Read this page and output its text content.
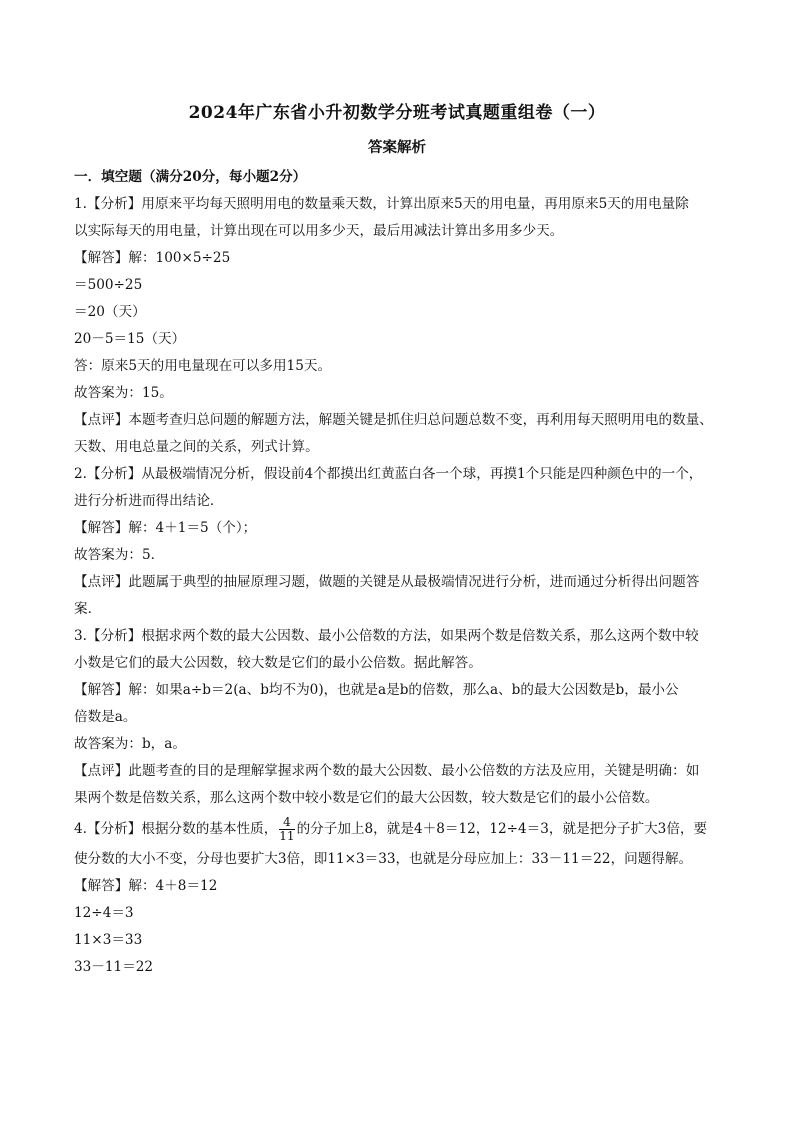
2024年广东省小升初数学分班考试真题重组卷（一）
答案解析
一．填空题（满分20分，每小题2分）
1.【分析】用原来平均每天照明用电的数量乘天数，计算出原来5天的用电量，再用原来5天的用电量除
以实际每天的用电量，计算出现在可以用多少天，最后用减法计算出多用多少天。
【解答】解：100×5÷25
＝500÷25
＝20（天）
20－5＝15（天）
答：原来5天的用电量现在可以多用15天。
故答案为：15。
【点评】本题考查归总问题的解题方法，解题关键是抓住归总问题总数不变，再利用每天照明用电的数量、
天数、用电总量之间的关系，列式计算。
2.【分析】从最极端情况分析，假设前4个都摸出红黄蓝白各一个球，再摸1个只能是四种颜色中的一个，
进行分析进而得出结论．
【解答】解：4＋1＝5（个）；
故答案为：5．
【点评】此题属于典型的抽屉原理习题，做题的关键是从最极端情况进行分析，进而通过分析得出问题答
案．
3.【分析】根据求两个数的最大公因数、最小公倍数的方法，如果两个数是倍数关系，那么这两个数中较
小数是它们的最大公因数，较大数是它们的最小公倍数。据此解答。
【解答】解：如果a÷b＝2(a、b均不为0)，也就是a是b的倍数，那么a、b的最大公因数是b，最小公
倍数是a。
故答案为：b，a。
【点评】此题考查的目的是理解掌握求两个数的最大公因数、最小公倍数的方法及应用，关键是明确：如
果两个数是倍数关系，那么这两个数中较小数是它们的最大公因数，较大数是它们的最小公倍数。
4.【分析】根据分数的基本性质， $\frac{4}{11}$ 的分子加上8，就是4＋8＝12，12÷4＝3，就是把分子扩大3倍，要
使分数的大小不变，分母也要扩大3倍，即11×3＝33，也就是分母应加上：33－11＝22，问题得解。
【解答】解：4＋8＝12
12÷4＝3
11×3＝33
33－11＝22
